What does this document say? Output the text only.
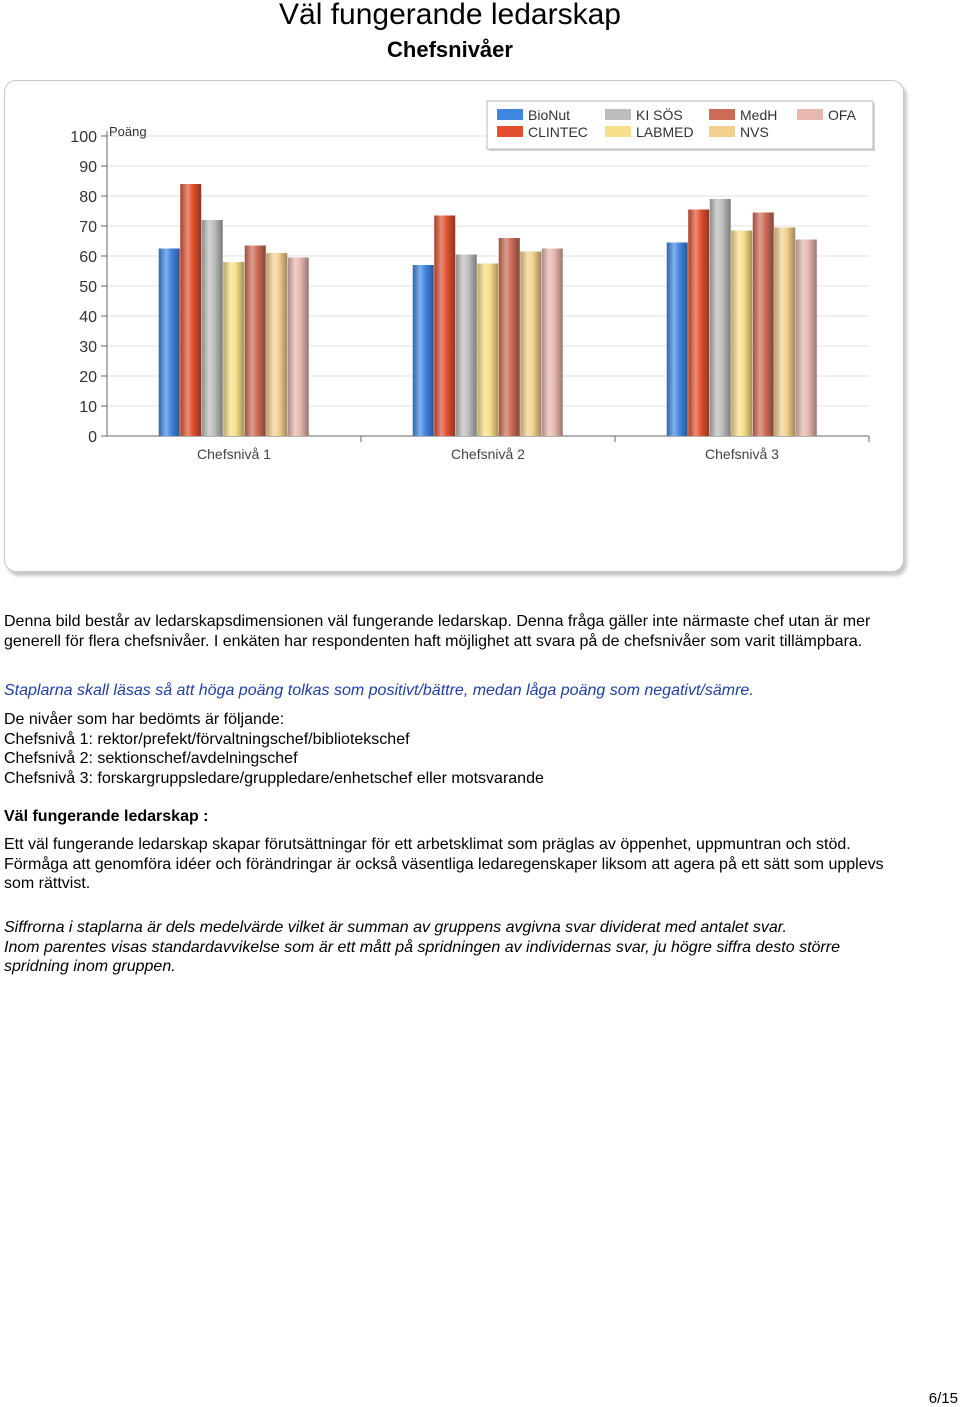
Väl fungerande ledarskap
Chefsnivåer
0
10
20
30
40
50
60
70
80
90
100 Poäng
Chefsnivå 1	Chefsnivå 2	Chefsnivå 3
BioNut
CLINTEC
KI SÖS
LABMED
MedH
NVS
OFA

Denna bild består av ledarskapsdimensionen väl fungerande ledarskap. Denna fråga gäller inte närmaste chef utan är mer generell för flera chefsnivåer. I enkäten har respondenten haft möjlighet att svara på de chefsnivåer som varit tillämpbara.

Staplarna skall läsas så att höga poäng tolkas som positivt/bättre, medan låga poäng som negativt/sämre.

De nivåer som har bedömts är följande:

Chefsnivå 1: rektor/prefekt/förvaltningschef/bibliotekschef

Chefsnivå 2: sektionschef/avdelningschef

Chefsnivå 3: forskargruppsledare/gruppledare/enhetschef eller motsvarande

Väl fungerande ledarskap :

Ett väl fungerande ledarskap skapar förutsättningar för ett arbetsklimat som präglas av öppenhet, uppmuntran och stöd. Förmåga att genomföra idéer och förändringar är också väsentliga ledaregenskaper liksom att agera på ett sätt som upplevs som rättvist.

Siffrorna i staplarna är dels medelvärde vilket är summan av gruppens avgivna svar dividerat med antalet svar.

Inom parentes visas standardavvikelse som är ett mått på spridningen av individernas svar, ju högre siffra desto större spridning inom gruppen.

6/15
